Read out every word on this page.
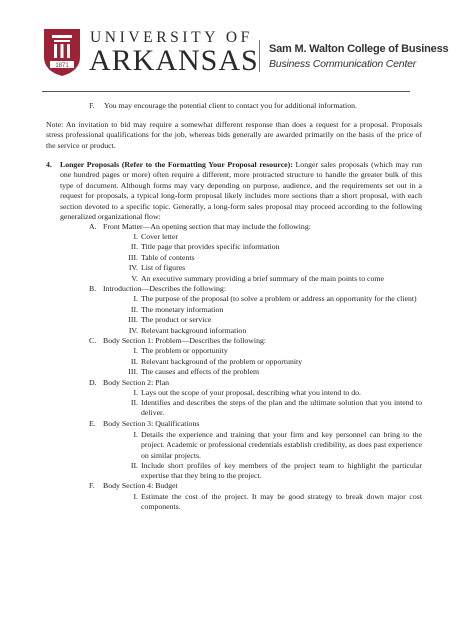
1871
UNIVERSITY OF
ARKANSAS Sam M. Walton College of Business
Business Communication Center
F. You may encourage the potential client to contact you for additional information.

Note: An invitation to bid may require a somewhat different response than does a request for a proposal. Proposals stress professional qualifications for the job, whereas bids generally are awarded primarily on the basis of the price of the service or product.

4. Longer Proposals (Refer to the Formatting Your Proposal resource): Longer sales proposals (which may run one hundred pages or more) often require a different, more protracted structure to handle the greater bulk of this type of document. Although forms may vary depending on purpose, audience, and the requirements set out in a request for proposals, a typical long-form proposal likely includes more sections than a short proposal, with each section devoted to a specific topic. Generally, a long-form sales proposal may proceed according to the following generalized organizational flow:

A. Front Matter—An opening section that may include the following:
I. Cover letter
II. Title page that provides specific information
III. Table of contents
IV. List of figures
V. An executive summary providing a brief summary of the main points to come
B. Introduction—Describes the following:
I. The purpose of the proposal (to solve a problem or address an opportunity for the client)
II. The monetary information
III. The product or service
IV. Relevant background information
C. Body Section 1: Problem—Describes the following:
I. The problem or opportunity
II. Relevant background of the problem or opportunity
III. The causes and effects of the problem
D. Body Section 2: Plan
I. Lays out the scope of your proposal, describing what you intend to do.
II. Identifies and describes the steps of the plan and the ultimate solution that you intend to deliver.

E. Body Section 3: Qualifications
I. Details the experience and training that your firm and key personnel can bring to the project. Academic or professional credentials establish credibility, as does past experience on similar projects.

II. Include short profiles of key members of the project team to highlight the particular expertise that they bring to the project.

F. Body Section 4: Budget
I. Estimate the cost of the project. It may be good strategy to break down major cost components.
